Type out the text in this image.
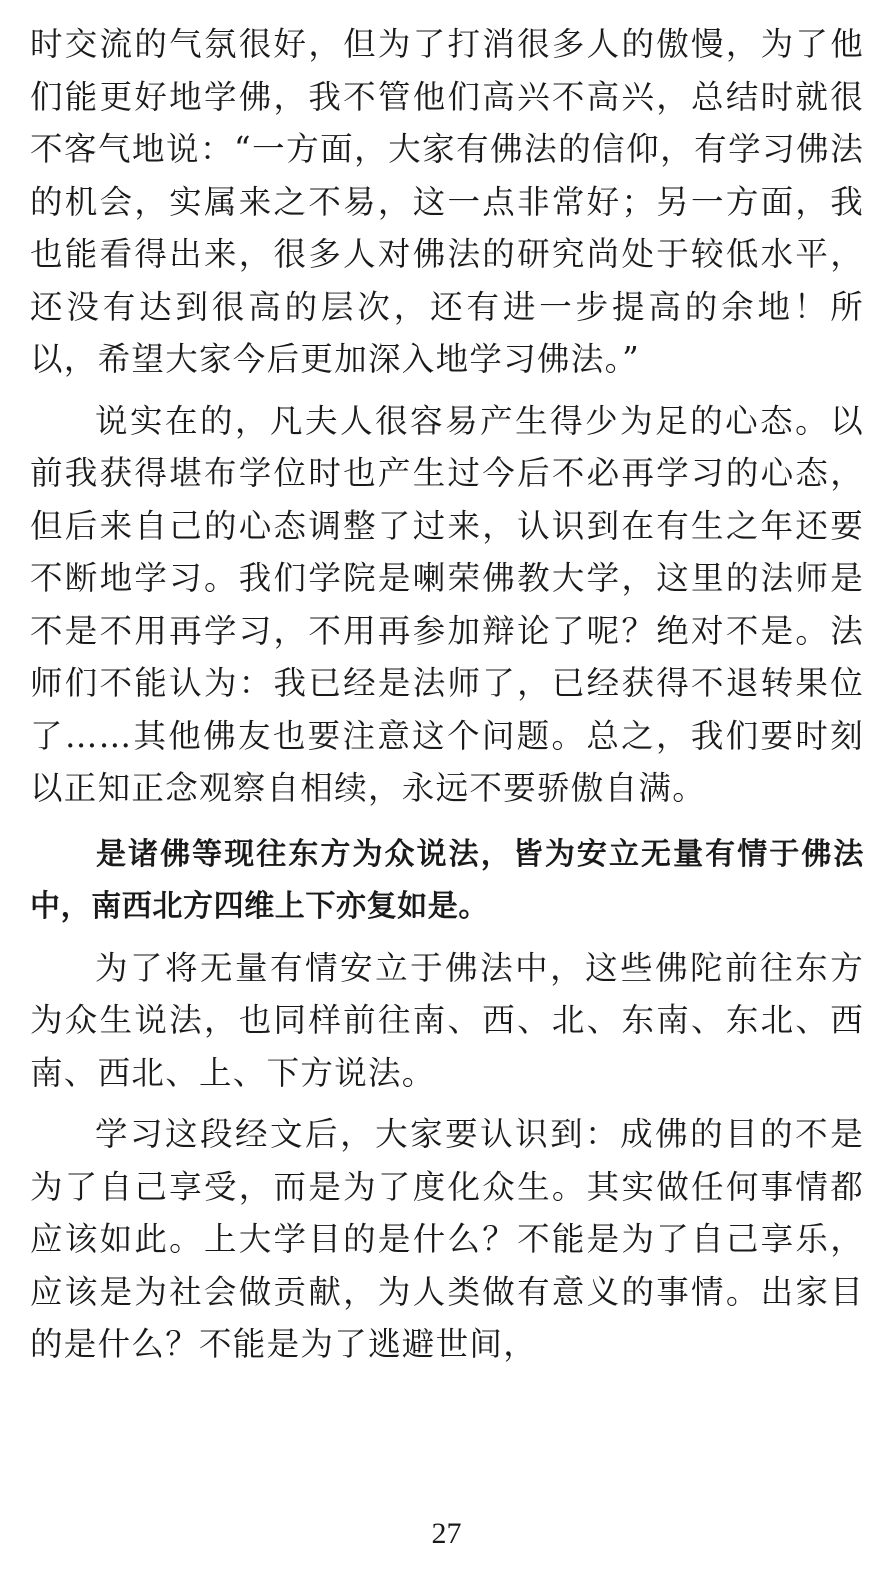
时交流的气氛很好，但为了打消很多人的傲慢，为了他们能更好地学佛，我不管他们高兴不高兴，总结时就很不客气地说：“一方面，大家有佛法的信仰，有学习佛法的机会，实属来之不易，这一点非常好；另一方面，我也能看得出来，很多人对佛法的研究尚处于较低水平，还没有达到很高的层次，还有进一步提高的余地！所以，希望大家今后更加深入地学习佛法。”

说实在的，凡夫人很容易产生得少为足的心态。以前我获得堪布学位时也产生过今后不必再学习的心态，但后来自己的心态调整了过来，认识到在有生之年还要不断地学习。我们学院是喇荣佛教大学，这里的法师是不是不用再学习，不用再参加辩论了呢？绝对不是。法师们不能认为：我已经是法师了，已经获得不退转果位了……其他佛友也要注意这个问题。总之，我们要时刻以正知正念观察自相续，永远不要骄傲自满。

是诸佛等现往东方为众说法，皆为安立无量有情于佛法中，南西北方四维上下亦复如是。

为了将无量有情安立于佛法中，这些佛陀前往东方为众生说法，也同样前往南、西、北、东南、东北、西南、西北、上、下方说法。

学习这段经文后，大家要认识到：成佛的目的不是为了自己享受，而是为了度化众生。其实做任何事情都应该如此。上大学目的是什么？不能是为了自己享乐，应该是为社会做贡献，为人类做有意义的事情。出家目的是什么？不能是为了逃避世间，

27
